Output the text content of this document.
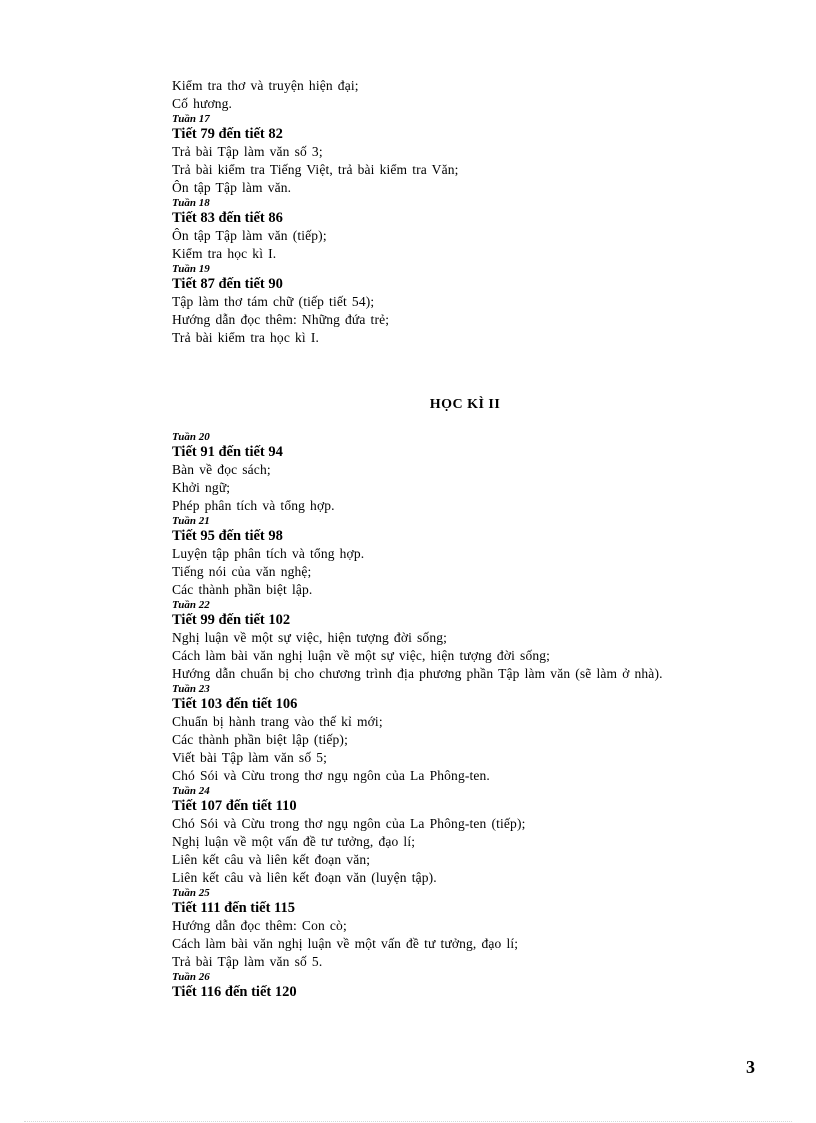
Kiểm tra thơ và truyện hiện đại;
Cố hương.
Tuần 17
Tiết 79 đến tiết 82
Trả bài Tập làm văn số 3;
Trả bài kiểm tra Tiếng Việt, trả bài kiểm tra Văn;
Ôn tập Tập làm văn.
Tuần 18
Tiết 83 đến tiết 86
Ôn tập Tập làm văn (tiếp);
Kiểm tra học kì I.
Tuần 19
Tiết 87 đến tiết 90
Tập làm thơ tám chữ (tiếp tiết 54);
Hướng dẫn đọc thêm: Những đứa trẻ;
Trả bài kiểm tra học kì I.
HỌC KÌ II
Tuần 20
Tiết 91 đến tiết 94
Bàn về đọc sách;
Khởi ngữ;
Phép phân tích và tổng hợp.
Tuần 21
Tiết 95 đến tiết 98
Luyện tập phân tích và tổng hợp.
Tiếng nói của văn nghệ;
Các thành phần biệt lập.
Tuần 22
Tiết 99 đến tiết 102
Nghị luận về một sự việc, hiện tượng đời sống;
Cách làm bài văn nghị luận về một sự việc, hiện tượng đời sống;
Hướng dẫn chuẩn bị cho chương trình địa phương phần Tập làm văn (sẽ làm ở nhà).
Tuần 23
Tiết 103 đến tiết 106
Chuẩn bị hành trang vào thế kỉ mới;
Các thành phần biệt lập (tiếp);
Viết bài Tập làm văn số 5;
Chó Sói và Cừu trong thơ ngụ ngôn của La Phông-ten.
Tuần 24
Tiết 107 đến tiết 110
Chó Sói và Cừu trong thơ ngụ ngôn của La Phông-ten (tiếp);
Nghị luận về một vấn đề tư tưởng, đạo lí;
Liên kết câu và liên kết đoạn văn;
Liên kết câu và liên kết đoạn văn (luyện tập).
Tuần 25
Tiết 111 đến tiết 115
Hướng dẫn đọc thêm: Con cò;
Cách làm bài văn nghị luận về một vấn đề tư tưởng, đạo lí;
Trả bài Tập làm văn số 5.
Tuần 26
Tiết 116 đến tiết 120
3
